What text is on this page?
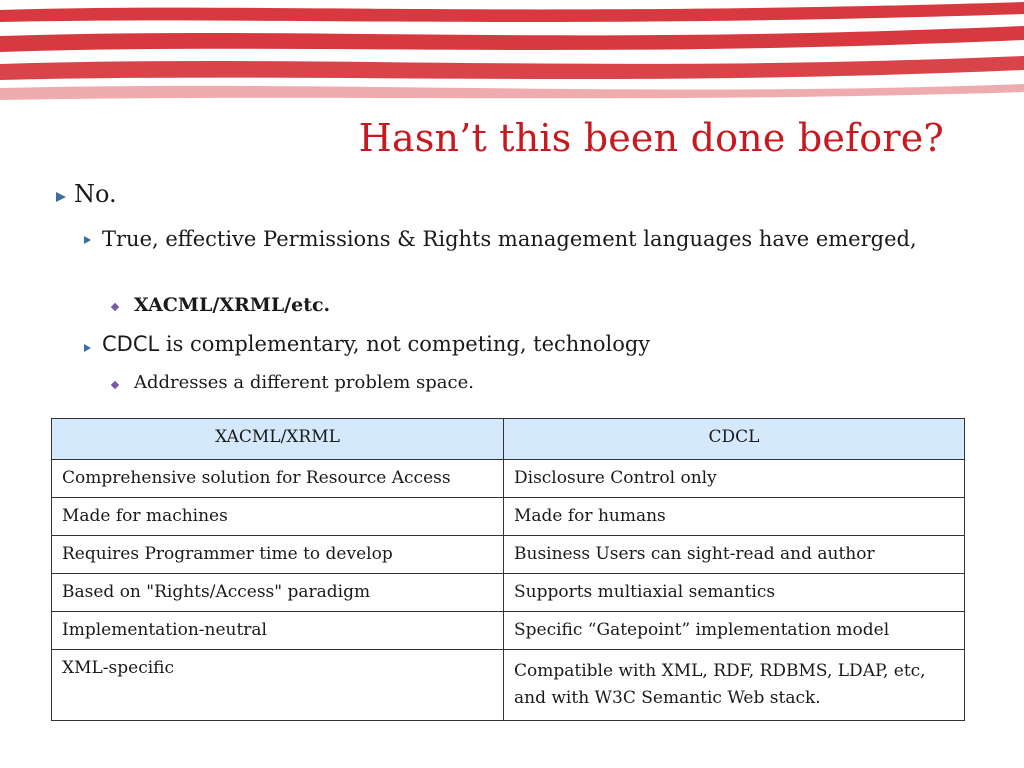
Hasn’t this been done before?
No.
True, effective Permissions & Rights management languages have emerged,
XACML/XRML/etc.
CDCL is complementary, not competing, technology
Addresses a different problem space.
XACML/XRML	CDCL
Comprehensive solution for Resource Access	Disclosure Control only
Made for machines	Made for humans
Requires Programmer time to develop	Business Users can sight-read and author
Based on "Rights/Access" paradigm	Supports multiaxial semantics
Implementation-neutral	Specific “Gatepoint” implementation model
XML-specific	Compatible with XML, RDF, RDBMS, LDAP, etc, and with W3C Semantic Web stack.
